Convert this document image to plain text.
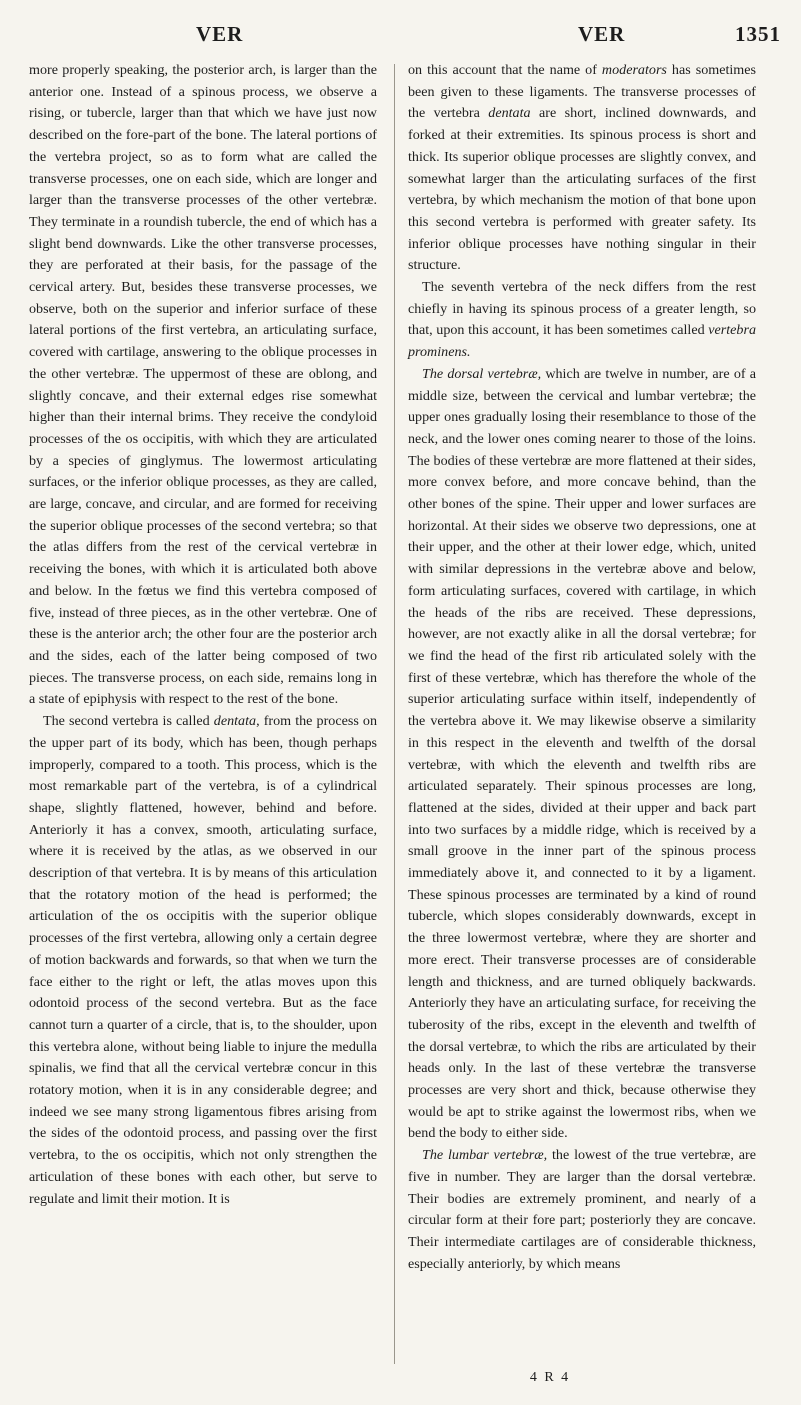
VER	VER	1351

more properly speaking, the posterior arch, is larger than the anterior one. Instead of a spinous process, we observe a rising, or tubercle, larger than that which we have just now described on the fore-part of the bone. The lateral portions of the vertebra project, so as to form what are called the transverse processes, one on each side, which are longer and larger than the transverse processes of the other vertebræ. They terminate in a roundish tubercle, the end of which has a slight bend downwards. Like the other transverse processes, they are perforated at their basis, for the passage of the cervical artery. But, besides these transverse processes, we observe, both on the superior and inferior surface of these lateral portions of the first vertebra, an articulating surface, covered with cartilage, answering to the oblique processes in the other vertebræ. The uppermost of these are oblong, and slightly concave, and their external edges rise somewhat higher than their internal brims. They receive the condyloid processes of the os occipitis, with which they are articulated by a species of ginglymus. The lowermost articulating surfaces, or the inferior oblique processes, as they are called, are large, concave, and circular, and are formed for receiving the superior oblique processes of the second vertebra; so that the atlas differs from the rest of the cervical vertebræ in receiving the bones, with which it is articulated both above and below. In the fœtus we find this vertebra composed of five, instead of three pieces, as in the other vertebræ. One of these is the anterior arch; the other four are the posterior arch and the sides, each of the latter being composed of two pieces. The transverse process, on each side, remains long in a state of epiphysis with respect to the rest of the bone.

The second vertebra is called dentata, from the process on the upper part of its body, which has been, though perhaps improperly, compared to a tooth. This process, which is the most remarkable part of the vertebra, is of a cylindrical shape, slightly flattened, however, behind and before. Anteriorly it has a convex, smooth, articulating surface, where it is received by the atlas, as we observed in our description of that vertebra. It is by means of this articulation that the rotatory motion of the head is performed; the articulation of the os occipitis with the superior oblique processes of the first vertebra, allowing only a certain degree of motion backwards and forwards, so that when we turn the face either to the right or left, the atlas moves upon this odontoid process of the second vertebra. But as the face cannot turn a quarter of a circle, that is, to the shoulder, upon this vertebra alone, without being liable to injure the medulla spinalis, we find that all the cervical vertebræ concur in this rotatory motion, when it is in any considerable degree; and indeed we see many strong ligamentous fibres arising from the sides of the odontoid process, and passing over the first vertebra, to the os occipitis, which not only strengthen the articulation of these bones with each other, but serve to regulate and limit their motion. It is

on this account that the name of moderators has sometimes been given to these ligaments. The transverse processes of the vertebra dentata are short, inclined downwards, and forked at their extremities. Its spinous process is short and thick. Its superior oblique processes are slightly convex, and somewhat larger than the articulating surfaces of the first vertebra, by which mechanism the motion of that bone upon this second vertebra is performed with greater safety. Its inferior oblique processes have nothing singular in their structure.

The seventh vertebra of the neck differs from the rest chiefly in having its spinous process of a greater length, so that, upon this account, it has been sometimes called vertebra prominens.

The dorsal vertebræ, which are twelve in number, are of a middle size, between the cervical and lumbar vertebræ; the upper ones gradually losing their resemblance to those of the neck, and the lower ones coming nearer to those of the loins. The bodies of these vertebræ are more flattened at their sides, more convex before, and more concave behind, than the other bones of the spine. Their upper and lower surfaces are horizontal. At their sides we observe two depressions, one at their upper, and the other at their lower edge, which, united with similar depressions in the vertebræ above and below, form articulating surfaces, covered with cartilage, in which the heads of the ribs are received. These depressions, however, are not exactly alike in all the dorsal vertebræ; for we find the head of the first rib articulated solely with the first of these vertebræ, which has therefore the whole of the superior articulating surface within itself, independently of the vertebra above it. We may likewise observe a similarity in this respect in the eleventh and twelfth of the dorsal vertebræ, with which the eleventh and twelfth ribs are articulated separately. Their spinous processes are long, flattened at the sides, divided at their upper and back part into two surfaces by a middle ridge, which is received by a small groove in the inner part of the spinous process immediately above it, and connected to it by a ligament. These spinous processes are terminated by a kind of round tubercle, which slopes considerably downwards, except in the three lowermost vertebræ, where they are shorter and more erect. Their transverse processes are of considerable length and thickness, and are turned obliquely backwards. Anteriorly they have an articulating surface, for receiving the tuberosity of the ribs, except in the eleventh and twelfth of the dorsal vertebræ, to which the ribs are articulated by their heads only. In the last of these vertebræ the transverse processes are very short and thick, because otherwise they would be apt to strike against the lowermost ribs, when we bend the body to either side.

The lumbar vertebræ, the lowest of the true vertebræ, are five in number. They are larger than the dorsal vertebræ. Their bodies are extremely prominent, and nearly of a circular form at their fore part; posteriorly they are concave. Their intermediate cartilages are of considerable thickness, especially anteriorly, by which means

4 R 4
